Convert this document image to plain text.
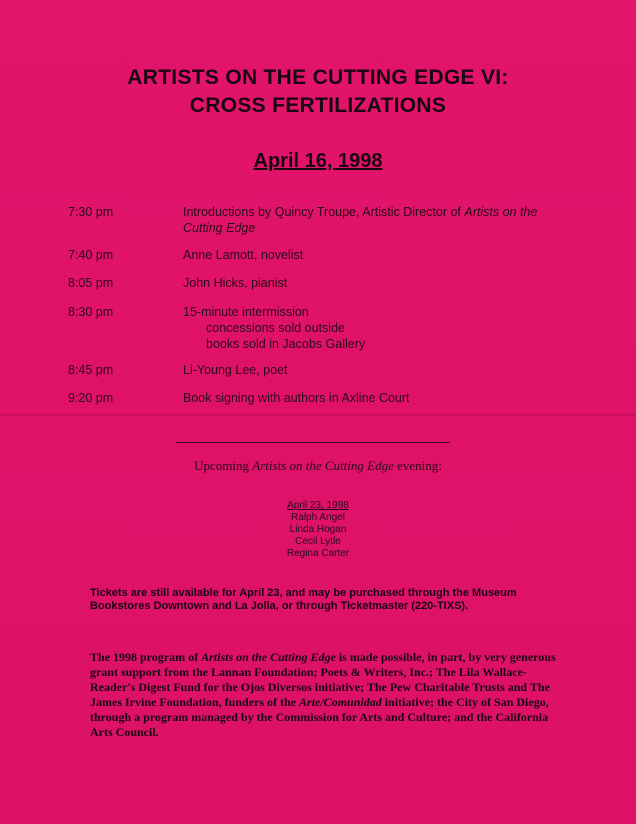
ARTISTS ON THE CUTTING EDGE VI:
CROSS FERTILIZATIONS
April 16, 1998
7:30 pm	Introductions by Quincy Troupe, Artistic Director of Artists on the Cutting Edge
7:40 pm	Anne Lamott, novelist
8:05 pm	John Hicks, pianist
8:30 pm	15-minute intermission
concessions sold outside
books sold in Jacobs Gallery
8:45 pm	Li-Young Lee, poet
9:20 pm	Book signing with authors in Axline Court
Upcoming Artists on the Cutting Edge evening:
April 23, 1998
Ralph Angel
Linda Hogan
Cecil Lytle
Regina Carter
Tickets are still available for April 23, and may be purchased through the Museum Bookstores Downtown and La Jolla, or through Ticketmaster (220-TIXS).
The 1998 program of Artists on the Cutting Edge is made possible, in part, by very generous grant support from the Lannan Foundation; Poets & Writers, Inc.; The Lila Wallace-Reader's Digest Fund for the Ojos Diversos initiative; The Pew Charitable Trusts and The James Irvine Foundation, funders of the Arte/Comunidad initiative; the City of San Diego, through a program managed by the Commission for Arts and Culture; and the California Arts Council.
